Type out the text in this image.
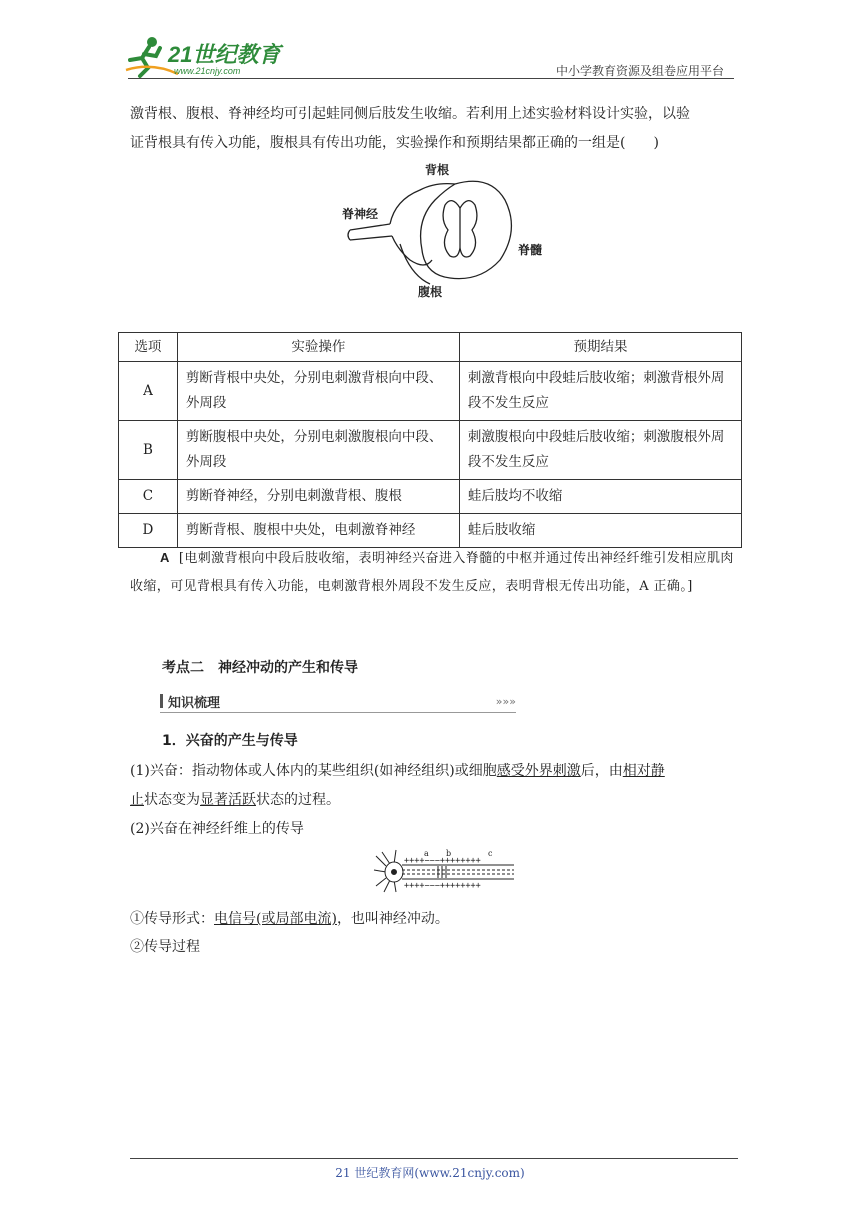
21世纪教育
www.21cnjy.com	中小学教育资源及组卷应用平台
激背根、腹根、脊神经均可引起蛙同侧后肢发生收缩。若利用上述实验材料设计实验，以验
证背根具有传入功能，腹根具有传出功能，实验操作和预期结果都正确的一组是(　　)
背根
脊神经
脊髓
腹根
选项	实验操作	预期结果
A	剪断背根中央处，分别电刺激背根向中段、外周段	刺激背根向中段蛙后肢收缩；刺激背根外周段不发生反应
B	剪断腹根中央处，分别电刺激腹根向中段、外周段	刺激腹根向中段蛙后肢收缩；刺激腹根外周段不发生反应
C	剪断脊神经，分别电刺激背根、腹根	蛙后肢均不收缩
D	剪断背根、腹根中央处，电刺激脊神经	蛙后肢收缩
A [电刺激背根向中段后肢收缩，表明神经兴奋进入脊髓的中枢并通过传出神经纤维引发相应肌肉收缩，可见背根具有传入功能，电刺激背根外周段不发生反应，表明背根无传出功能，A 正确。]
考点二　神经冲动的产生和传导
知识梳理	»»»
1．兴奋的产生与传导
(1)兴奋：指动物体或人体内的某些组织(如神经组织)或细胞感受外界刺激后，由相对静
止状态变为显著活跃状态的过程。
(2)兴奋在神经纤维上的传导
a b	c
++++−−−++++++++
++++−−−++++++++
①传导形式：电信号(或局部电流)，也叫神经冲动。
②传导过程
21 世纪教育网(www.21cnjy.com)
